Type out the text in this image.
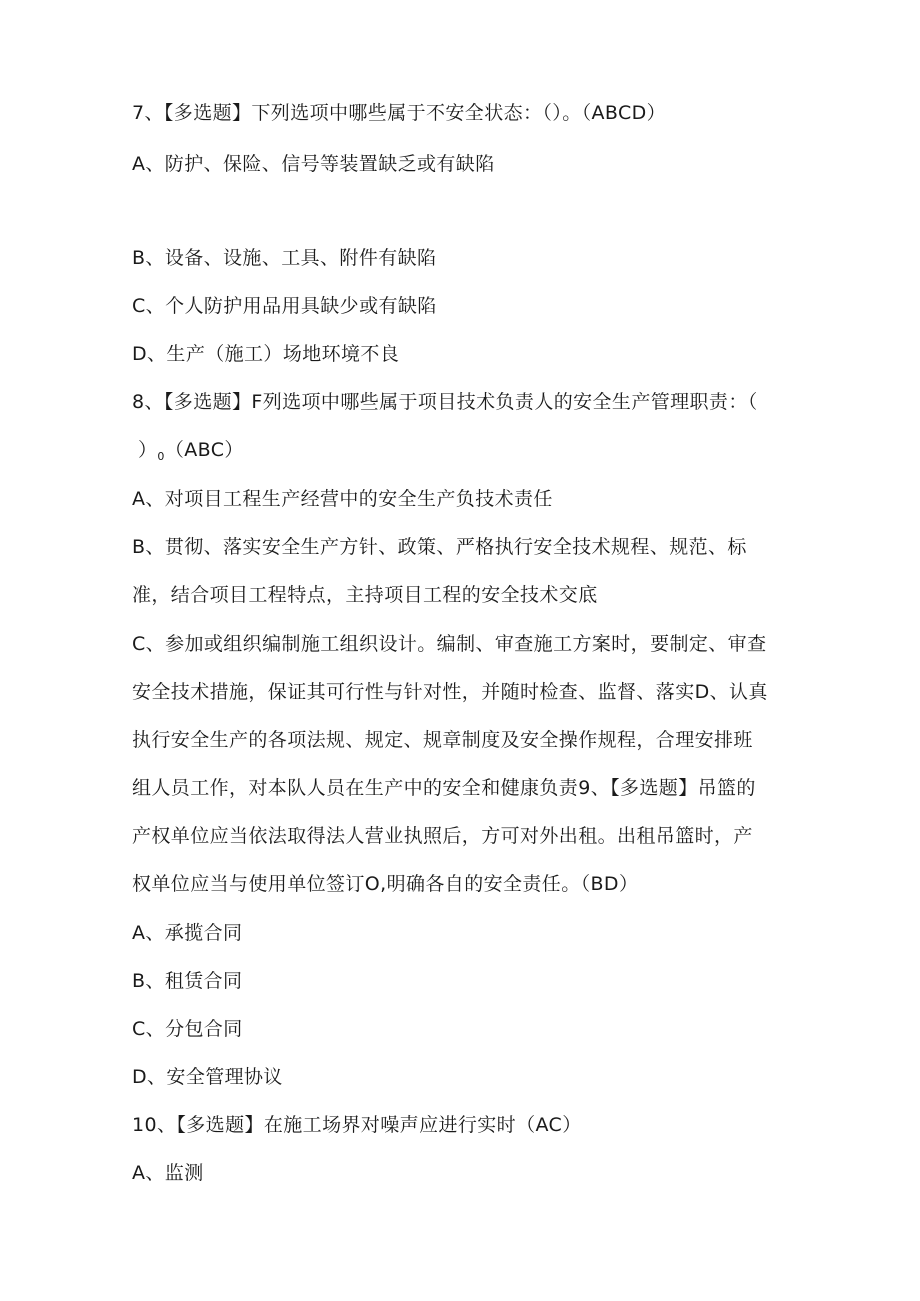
7、【多选题】下列选项中哪些属于不安全状态：（）。（ABCD）
A、防护、保险、信号等装置缺乏或有缺陷
B、设备、设施、工具、附件有缺陷
C、个人防护用品用具缺少或有缺陷
D、生产（施工）场地环境不良
8、【多选题】F列选项中哪些属于项目技术负责人的安全生产管理职责：（
）$_0(ABC)$
A、对项目工程生产经营中的安全生产负技术责任
B、贯彻、落实安全生产方针、政策、严格执行安全技术规程、规范、标
准，结合项目工程特点，主持项目工程的安全技术交底
C、参加或组织编制施工组织设计。编制、审查施工方案时，要制定、审查
安全技术措施，保证其可行性与针对性，并随时检查、监督、落实D、认真
执行安全生产的各项法规、规定、规章制度及安全操作规程，合理安排班
组人员工作，对本队人员在生产中的安全和健康负责9、【多选题】吊篮的
产权单位应当依法取得法人营业执照后，方可对外出租。出租吊篮时，产
权单位应当与使用单位签订O,明确各自的安全责任。（BD）
A、承揽合同
B、租赁合同
C、分包合同
D、安全管理协议
10、【多选题】在施工场界对噪声应进行实时（AC）
A、监测
